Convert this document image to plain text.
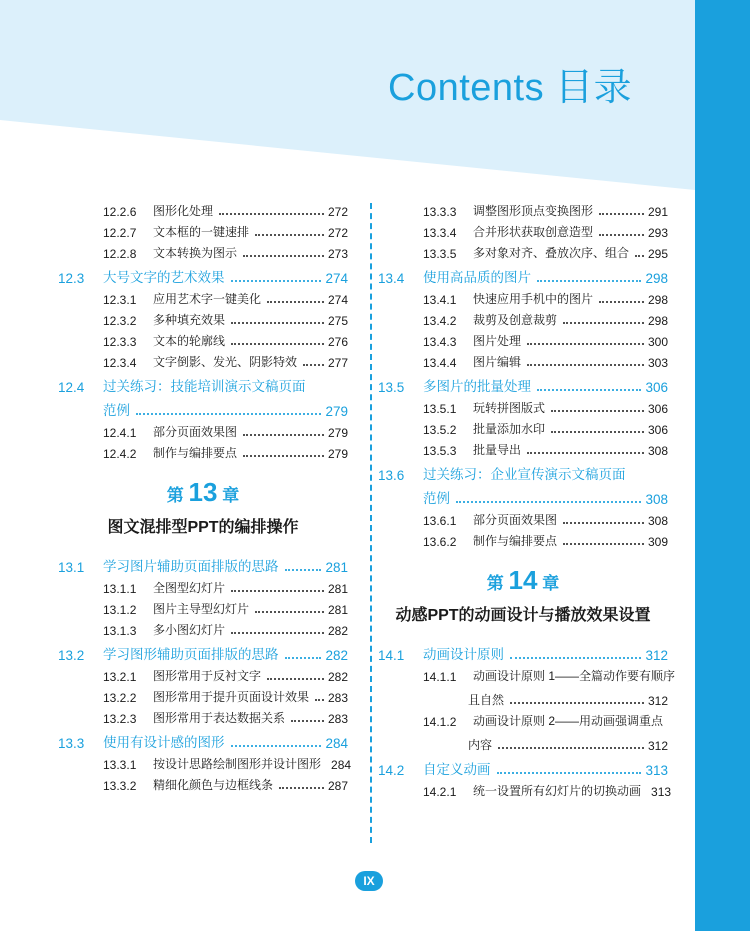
Contents 目录
12.2.6	图形化处理	272
12.2.7	文本框的一键速排	272
12.2.8	文本转换为图示	273
12.3	大号文字的艺术效果	274
12.3.1	应用艺术字一键美化	274
12.3.2	多种填充效果	275
12.3.3	文本的轮廓线	276
12.3.4	文字倒影、发光、阴影特效	277
12.4	过关练习：技能培训演示文稿页面
范例	279
12.4.1	部分页面效果图	279
12.4.2	制作与编排要点	279
第 13 章
图文混排型PPT的编排操作
13.1	学习图片辅助页面排版的思路	281
13.1.1	全图型幻灯片	281
13.1.2	图片主导型幻灯片	281
13.1.3	多小图幻灯片	282
13.2	学习图形辅助页面排版的思路	282
13.2.1	图形常用于反衬文字	282
13.2.2	图形常用于提升页面设计效果 283
13.2.3	图形常用于表达数据关系	283
13.3	使用有设计感的图形	284
13.3.1	按设计思路绘制图形并设计图形 284
13.3.2	精细化颜色与边框线条	287
13.3.3	调整图形顶点变换图形	291
13.3.4	合并形状获取创意造型	293
13.3.5	多对象对齐、叠放次序、组合 295
13.4	使用高品质的图片	298
13.4.1	快速应用手机中的图片	298
13.4.2	裁剪及创意裁剪	298
13.4.3	图片处理	300
13.4.4	图片编辑	303
13.5	多图片的批量处理	306
13.5.1	玩转拼图版式	306
13.5.2	批量添加水印	306
13.5.3	批量导出	308
13.6	过关练习：企业宣传演示文稿页面
范例	308
13.6.1	部分页面效果图	308
13.6.2	制作与编排要点	309
第 14 章
动感PPT的动画设计与播放效果设置
14.1	动画设计原则	312
14.1.1	动画设计原则 1——全篇动作要有顺序
且自然	312
14.1.2	动画设计原则 2——用动画强调重点
内容	312
14.2	自定义动画	313
14.2.1	统一设置所有幻灯片的切换动画 313
IX
